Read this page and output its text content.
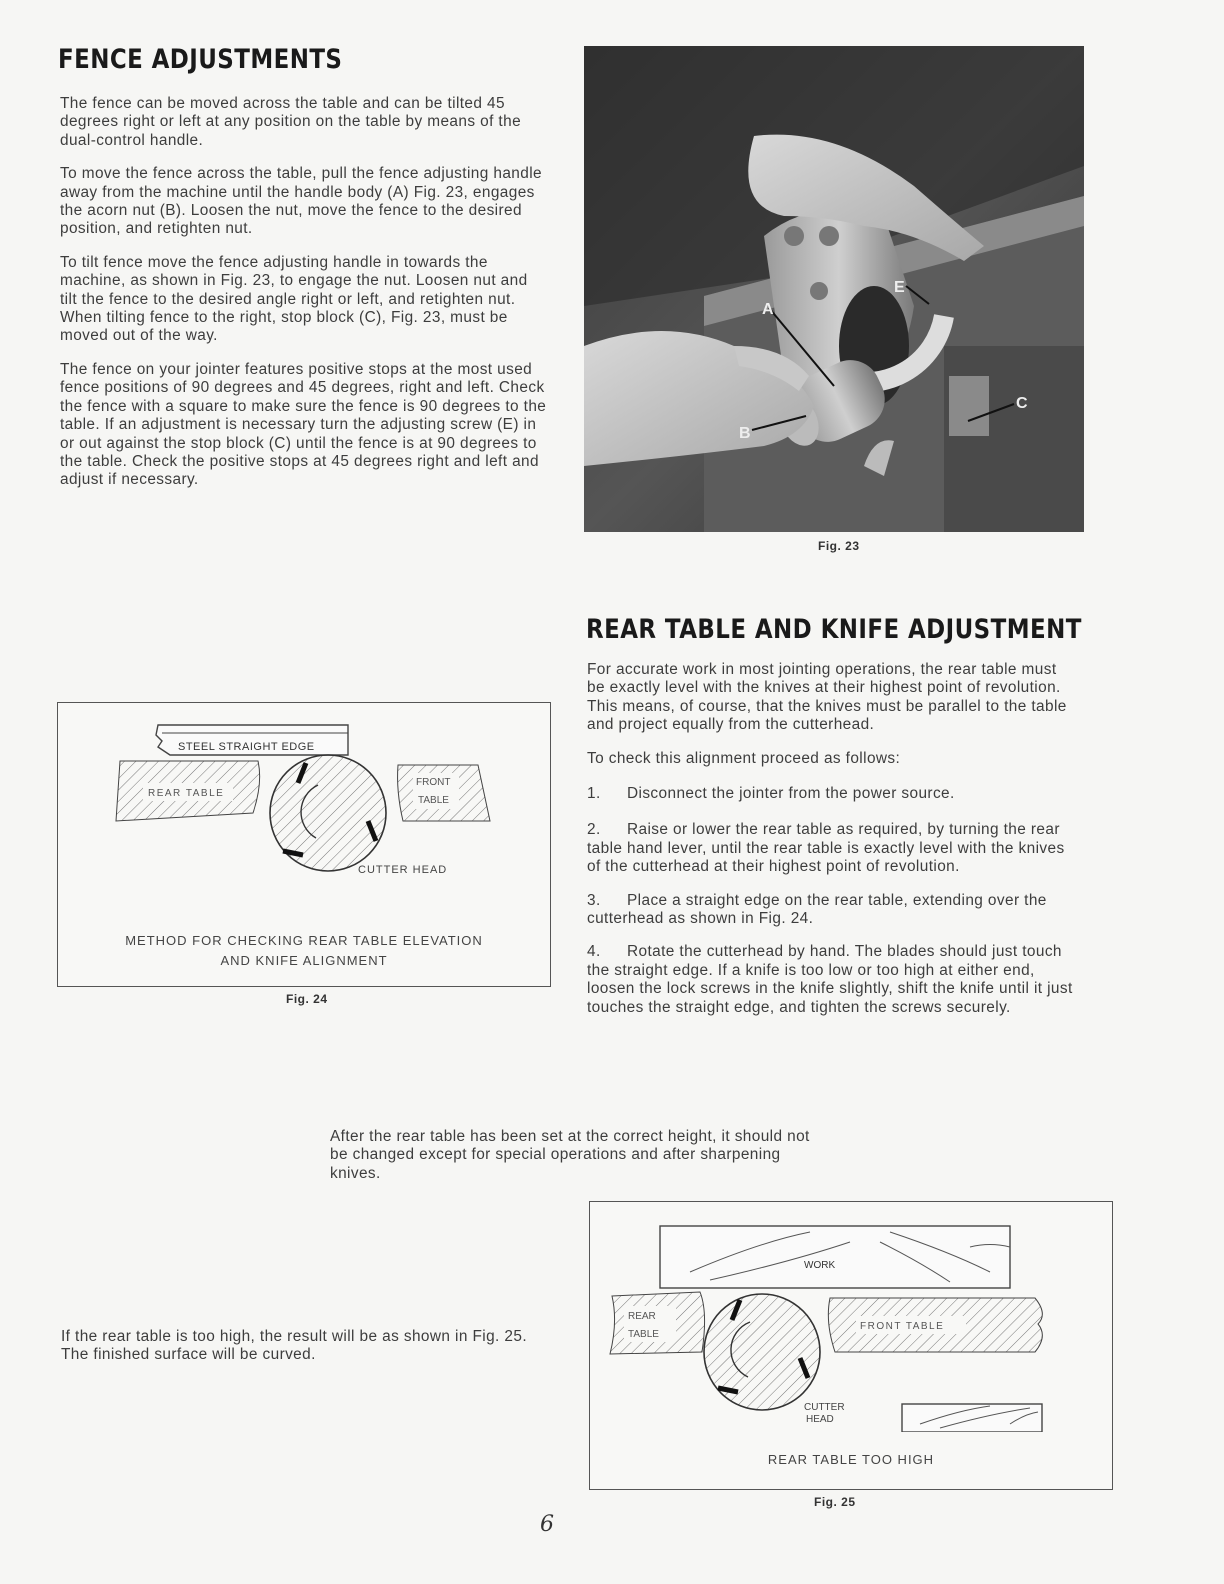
FENCE ADJUSTMENTS

The fence can be moved across the table and can be tilted 45 degrees right or left at any position on the table by means of the dual-control handle.

To move the fence across the table, pull the fence adjusting handle away from the machine until the handle body (A) Fig. 23, engages the acorn nut (B). Loosen the nut, move the fence to the desired position, and retighten nut.

To tilt fence move the fence adjusting handle in towards the machine, as shown in Fig. 23, to engage the nut. Loosen nut and tilt the fence to the desired angle right or left, and retighten nut. When tilting fence to the right, stop block (C), Fig. 23, must be moved out of the way.

The fence on your jointer features positive stops at the most used fence positions of 90 degrees and 45 degrees, right and left. Check the fence with a square to make sure the fence is 90 degrees to the table. If an adjustment is necessary turn the adjusting screw (E) in or out against the stop block (C) until the fence is at 90 degrees to the table. Check the positive stops at 45 degrees right and left and adjust if necessary.

A
B
C
E
Fig. 23
REAR TABLE AND KNIFE ADJUSTMENT

For accurate work in most jointing operations, the rear table must be exactly level with the knives at their highest point of revolution. This means, of course, that the knives must be parallel to the table and project equally from the cutterhead.

To check this alignment proceed as follows:

1. Disconnect the jointer from the power source.

2. Raise or lower the rear table as required, by turning the rear table hand lever, until the rear table is exactly level with the knives of the cutterhead at their highest point of revolution.

3. Place a straight edge on the rear table, extending over the cutterhead as shown in Fig. 24.

4. Rotate the cutterhead by hand. The blades should just touch the straight edge. If a knife is too low or too high at either end, loosen the lock screws in the knife slightly, shift the knife until it just touches the straight edge, and tighten the screws securely.

STEEL STRAIGHT EDGE
REAR TABLE
FRONT
TABLE
CUTTER HEAD
METHOD FOR CHECKING REAR TABLE ELEVATION
AND KNIFE ALIGNMENT
Fig. 24

After the rear table has been set at the correct height, it should not be changed except for special operations and after sharpening knives.

If the rear table is too high, the result will be as shown in Fig. 25. The finished surface will be curved.

WORK
REAR
TABLE
FRONT TABLE
CUTTER
HEAD
REAR TABLE TOO HIGH
Fig. 25
6
